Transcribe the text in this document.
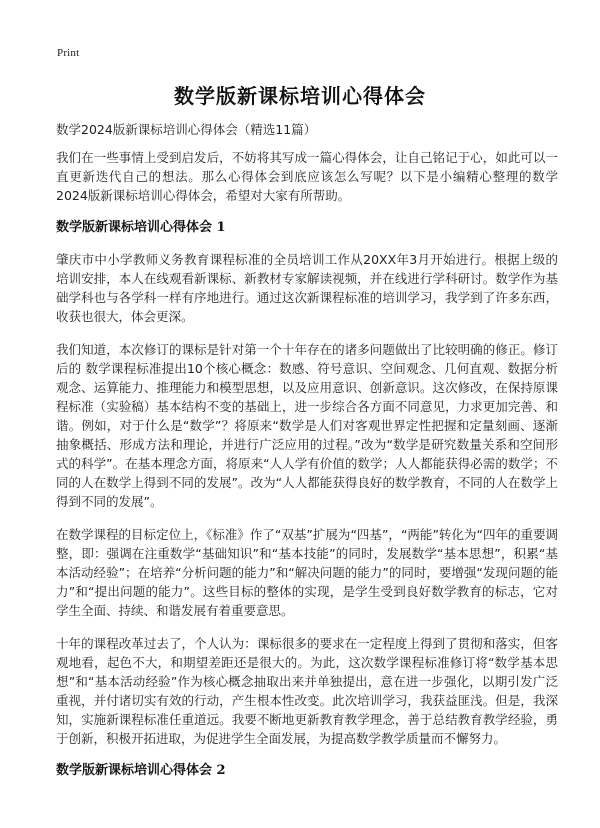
Print
数学版新课标培训心得体会
数学2024版新课标培训心得体会（精选11篇）

我们在一些事情上受到启发后，不妨将其写成一篇心得体会，让自己铭记于心，如此可以一直更新迭代自己的想法。那么心得体会到底应该怎么写呢？以下是小编精心整理的数学2024版新课标培训心得体会，希望对大家有所帮助。

数学版新课标培训心得体会 1

肇庆市中小学教师义务教育课程标准的全员培训工作从20XX年3月开始进行。根据上级的培训安排，本人在线观看新课标、新教材专家解读视频，并在线进行学科研讨。数学作为基础学科也与各学科一样有序地进行。通过这次新课程标准的培训学习，我学到了许多东西，收获也很大，体会更深。

我们知道，本次修订的课标是针对第一个十年存在的诸多问题做出了比较明确的修正。修订后的 数学课程标准提出10个核心概念：数感、符号意识、空间观念、几何直观、数据分析观念、运算能力、推理能力和模型思想，以及应用意识、创新意识。这次修改，在保持原课程标准（实验稿）基本结构不变的基础上，进一步综合各方面不同意见，力求更加完善、和谐。例如，对于什么是“数学”？将原来“数学是人们对客观世界定性把握和定量刻画、逐渐抽象概括、形成方法和理论，并进行广泛应用的过程。”改为“数学是研究数量关系和空间形式的科学”。在基本理念方面，将原来“人人学有价值的数学；人人都能获得必需的数学；不同的人在数学上得到不同的发展”。改为“人人都能获得良好的数学教育，不同的人在数学上得到不同的发展”。

在数学课程的目标定位上，《标准》作了“双基”扩展为“四基”，“两能”转化为“四年的重要调整，即：强调在注重数学“基础知识”和“基本技能”的同时，发展数学“基本思想”，积累“基本活动经验”；在培养“分析问题的能力”和“解决问题的能力”的同时，要增强“发现问题的能力”和“提出问题的能力”。这些目标的整体的实现，是学生受到良好数学教育的标志，它对学生全面、持续、和谐发展有着重要意思。

十年的课程改革过去了，个人认为：课标很多的要求在一定程度上得到了贯彻和落实，但客观地看，起色不大，和期望差距还是很大的。为此，这次数学课程标准修订将“数学基本思想”和“基本活动经验”作为核心概念抽取出来并单独提出，意在进一步强化，以期引发广泛重视，并付诸切实有效的行动，产生根本性改变。此次培训学习，我获益匪浅。但是，我深知，实施新课程标准任重道远。我要不断地更新教育教学理念，善于总结教育教学经验，勇于创新，积极开拓进取，为促进学生全面发展，为提高数学教学质量而不懈努力。

数学版新课标培训心得体会 2
